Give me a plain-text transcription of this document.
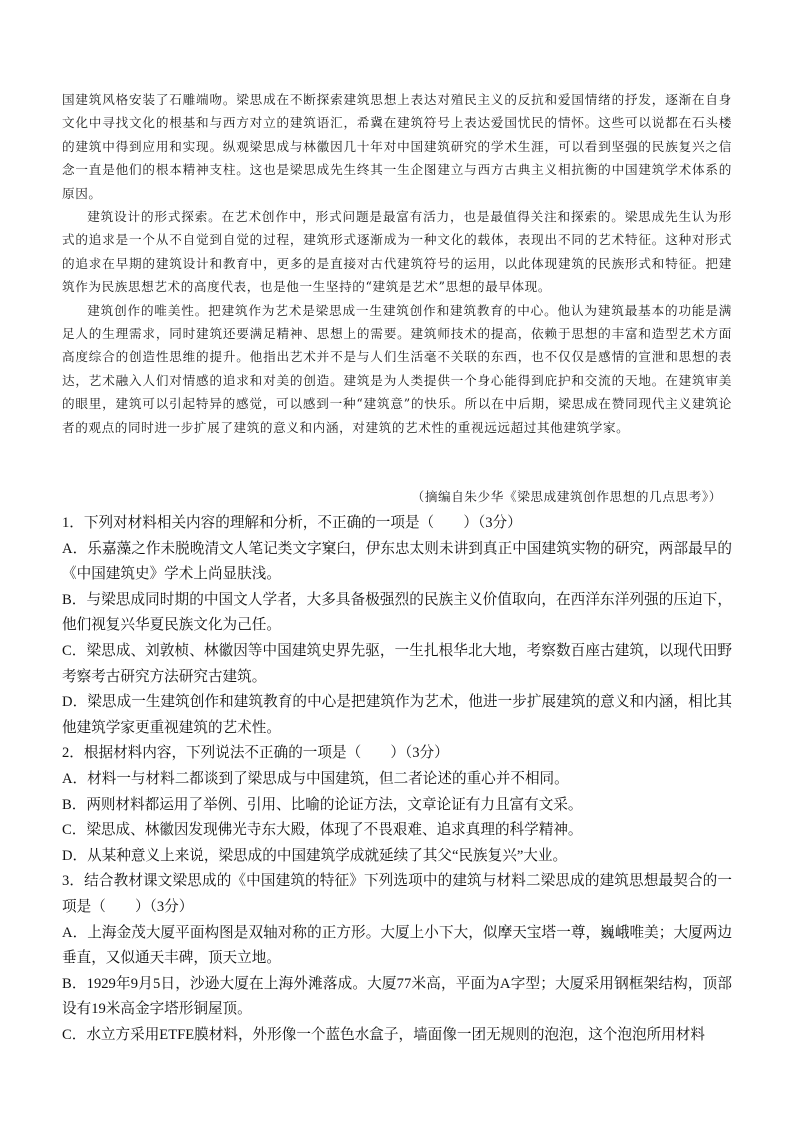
国建筑风格安装了石雕端吻。梁思成在不断探索建筑思想上表达对殖民主义的反抗和爱国情绪的抒发，逐渐在自身文化中寻找文化的根基和与西方对立的建筑语汇，希冀在建筑符号上表达爱国忧民的情怀。这些可以说都在石头楼的建筑中得到应用和实现。纵观梁思成与林徽因几十年对中国建筑研究的学术生涯，可以看到坚强的民族复兴之信念一直是他们的根本精神支柱。这也是梁思成先生终其一生企图建立与西方古典主义相抗衡的中国建筑学术体系的原因。

建筑设计的形式探索。在艺术创作中，形式问题是最富有活力，也是最值得关注和探索的。梁思成先生认为形式的追求是一个从不自觉到自觉的过程，建筑形式逐渐成为一种文化的载体，表现出不同的艺术特征。这种对形式的追求在早期的建筑设计和教育中，更多的是直接对古代建筑符号的运用，以此体现建筑的民族形式和特征。把建筑作为民族思想艺术的高度代表，也是他一生坚持的“建筑是艺术”思想的最早体现。

建筑创作的唯美性。把建筑作为艺术是梁思成一生建筑创作和建筑教育的中心。他认为建筑最基本的功能是满足人的生理需求，同时建筑还要满足精神、思想上的需要。建筑师技术的提高，依赖于思想的丰富和造型艺术方面高度综合的创造性思维的提升。他指出艺术并不是与人们生活毫不关联的东西，也不仅仅是感情的宣泄和思想的表达，艺术融入人们对情感的追求和对美的创造。建筑是为人类提供一个身心能得到庇护和交流的天地。在建筑审美的眼里，建筑可以引起特异的感觉，可以感到一种“建筑意”的快乐。所以在中后期，梁思成在赞同现代主义建筑论者的观点的同时进一步扩展了建筑的意义和内涵，对建筑的艺术性的重视远远超过其他建筑学家。

（摘编自朱少华《梁思成建筑创作思想的几点思考》）

1．下列对材料相关内容的理解和分析，不正确的一项是（　　）（3分）

A．乐嘉藻之作未脱晚清文人笔记类文字窠臼，伊东忠太则未讲到真正中国建筑实物的研究，两部最早的《中国建筑史》学术上尚显肤浅。

B．与梁思成同时期的中国文人学者，大多具备极强烈的民族主义价值取向，在西洋东洋列强的压迫下，他们视复兴华夏民族文化为己任。

C．梁思成、刘敦桢、林徽因等中国建筑史界先驱，一生扎根华北大地，考察数百座古建筑，以现代田野考察考古研究方法研究古建筑。

D．梁思成一生建筑创作和建筑教育的中心是把建筑作为艺术，他进一步扩展建筑的意义和内涵，相比其他建筑学家更重视建筑的艺术性。

2．根据材料内容，下列说法不正确的一项是（　　）（3分）

A．材料一与材料二都谈到了梁思成与中国建筑，但二者论述的重心并不相同。

B．两则材料都运用了举例、引用、比喻的论证方法，文章论证有力且富有文采。

C．梁思成、林徽因发现佛光寺东大殿，体现了不畏艰难、追求真理的科学精神。

D．从某种意义上来说，梁思成的中国建筑学成就延续了其父“民族复兴”大业。

3．结合教材课文梁思成的《中国建筑的特征》下列选项中的建筑与材料二梁思成的建筑思想最契合的一项是（　　）（3分）

A．上海金茂大厦平面构图是双轴对称的正方形。大厦上小下大，似摩天宝塔一尊，巍峨唯美；大厦两边垂直，又似通天丰碑，顶天立地。

B．1929年9月5日，沙逊大厦在上海外滩落成。大厦77米高，平面为A字型；大厦采用钢框架结构，顶部设有19米高金字塔形铜屋顶。

C．水立方采用ETFE膜材料，外形像一个蓝色水盒子，墙面像一团无规则的泡泡，这个泡泡所用材料
